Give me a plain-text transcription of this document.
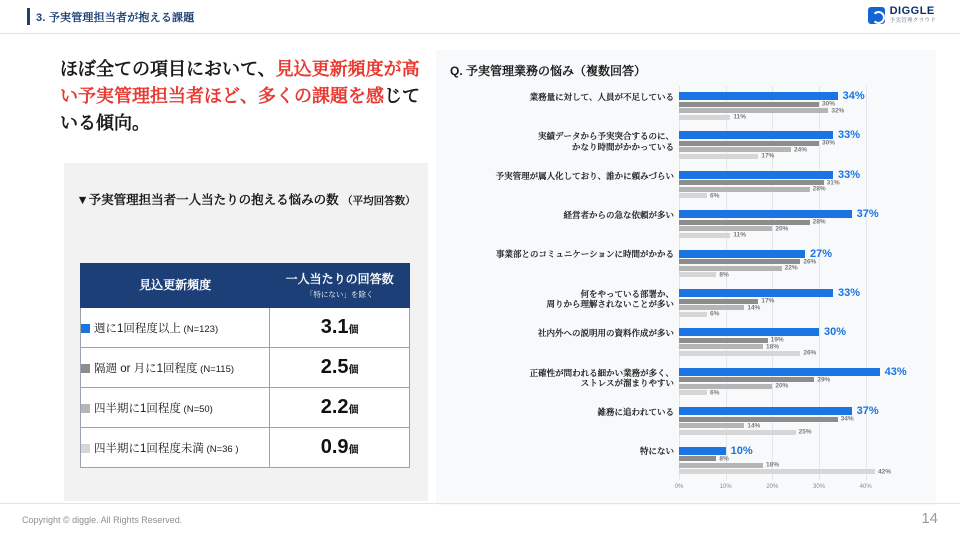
3. 予実管理担当者が抱える課題
DIGGLE
予実管理クラウド
ほぼ全ての項目において、見込更新頻度が高い予実管理担当者ほど、多くの課題を感じている傾向。
▼予実管理担当者一人当たりの抱える悩みの数 （平均回答数）
見込更新頻度	一人当たりの回答数
「特にない」を除く

週に1回程度以上 (N=123)	3.1個
隔週 or 月に1回程度 (N=115)	2.5個
四半期に1回程度 (N=50)	2.2個
四半期に1回程度未満 (N=36 )	0.9個
Q. 予実管理業務の悩み（複数回答）
業務量に対して、人員が不足している	34%
30%
32%
11%
実績データから予実突合するのに、
かなり時間がかかっている
33%
30%
24%
17%
予実管理が属人化しており、誰かに頼みづらい	33%
31%
28%
6%
経営者からの急な依頼が多い	37%
28%
20%
11%
事業部とのコミュニケーションに時間がかかる	27%
26%
22%
8%
何をやっている部署か、
周りから理解されないことが多い
33%
17%
14%
6%
社内外への説明用の資料作成が多い	30%
19%
18%
26%
正確性が問われる細かい業務が多く、
ストレスが溜まりやすい
43%
29%
20%
6%
雑務に追われている	37%
34%
14%
25%
特にない	10%
8%
18%
42%
0%	10%	20%	30%	40%
Copyright © diggle. All Rights Reserved.	14
